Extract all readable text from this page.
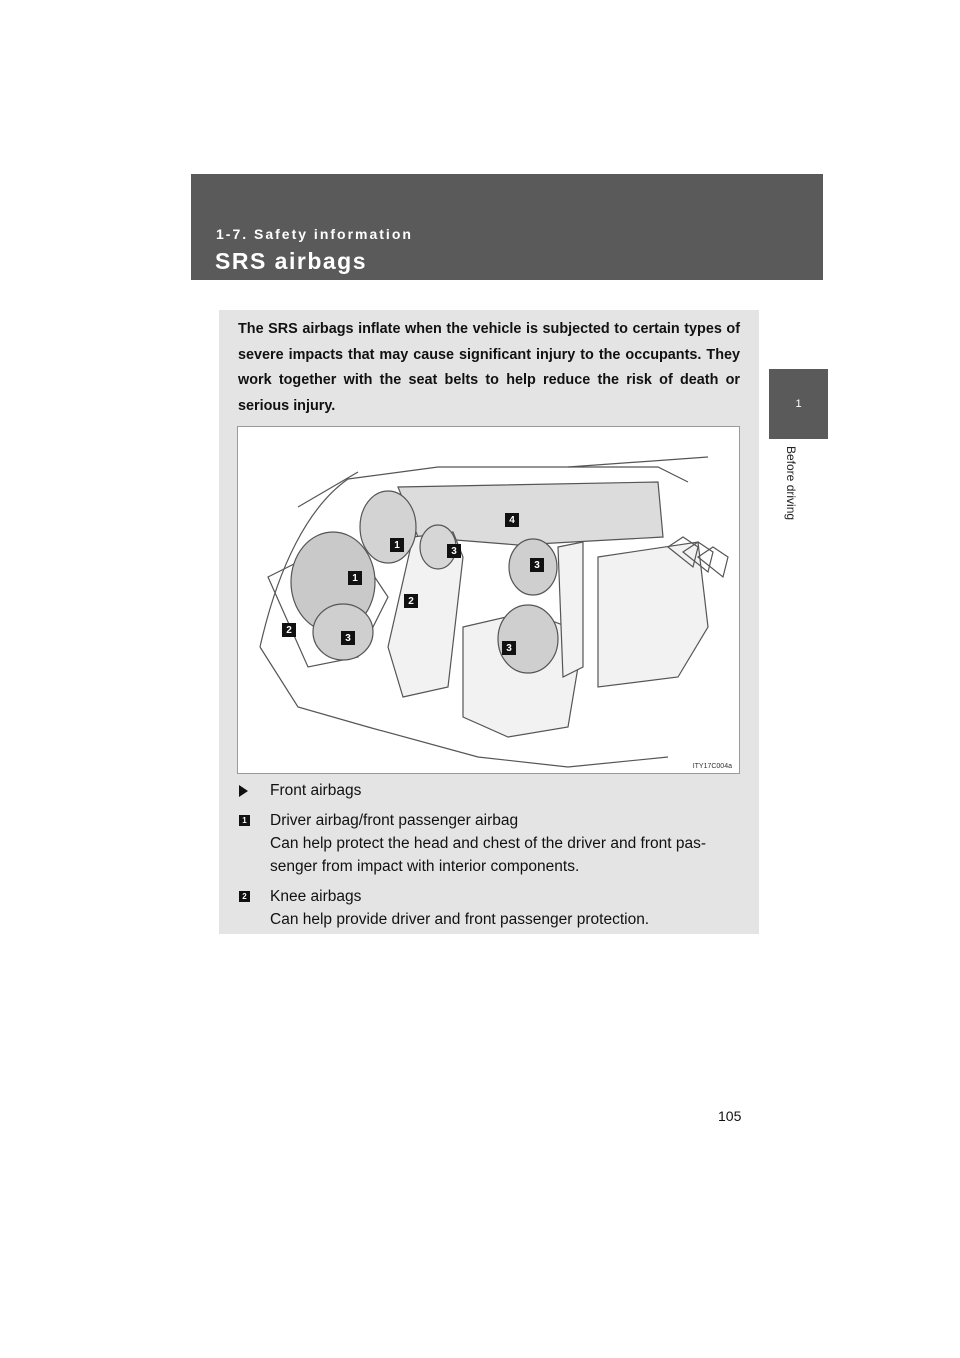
1-7. Safety information
SRS airbags
1
Before driving
The SRS airbags inflate when the vehicle is subjected to certain types of severe impacts that may cause significant injury to the occupants. They work together with the seat belts to help reduce the risk of death or serious injury.
1
1
2
2
3
3
3
3
4
ITY17C004a
Front airbags
1 Driver airbag/front passenger airbag
Can help protect the head and chest of the driver and front pas-
senger from impact with interior components.
2 Knee airbags
Can help provide driver and front passenger protection.
105
